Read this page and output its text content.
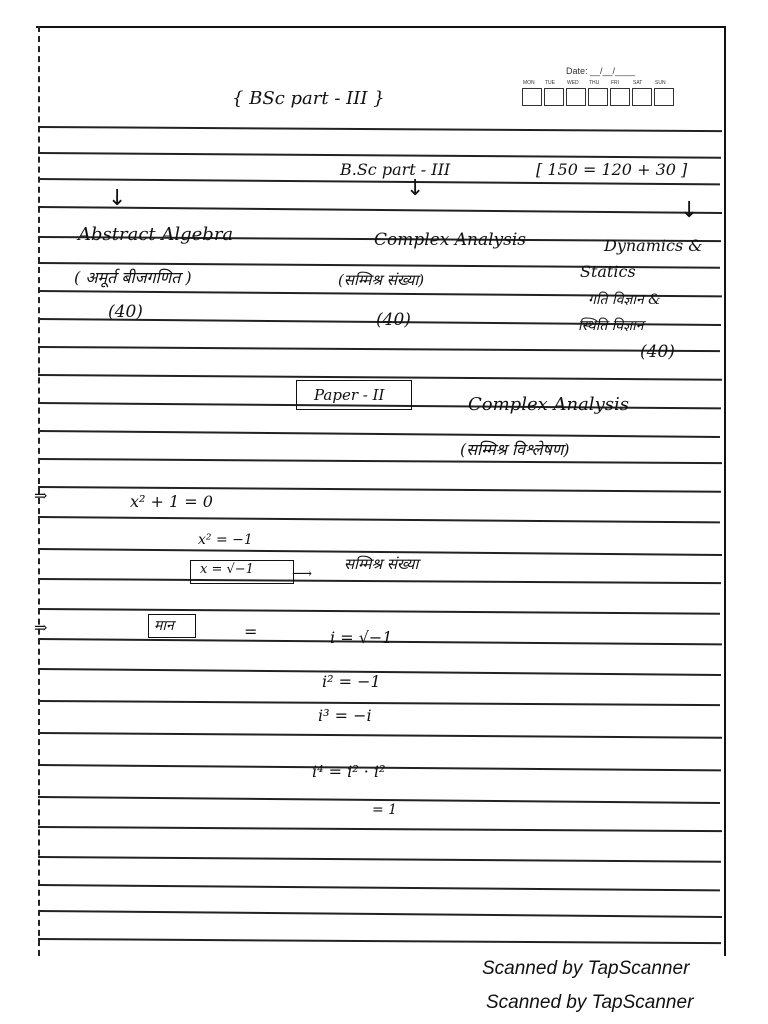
Date: __/__/____
MON TUE WED THU FRI	SAT	SUN
{ BSc part - III }
B.Sc part - III	[ 150 = 120 + 30 ]
↓	↓
↓
Abstract Algebra
( अमूर्त बीजगणित )
(40)
Complex Analysis
(सम्मिश्र संख्या)
(40)
Dynamics &
Statics
गति विज्ञान &
स्थिति विज्ञान
(40)
Paper - II	Complex Analysis
(सम्मिश्र विश्लेषण)
⇒	x² + 1 = 0
x² = −1
x = √−1	⟶
सम्मिश्र संख्या
⇒	मान	=	i = √−1
i² = −1
i³ = −i
i⁴ = i² · i²
= 1
Scanned by TapScanner
Scanned by TapScanner
